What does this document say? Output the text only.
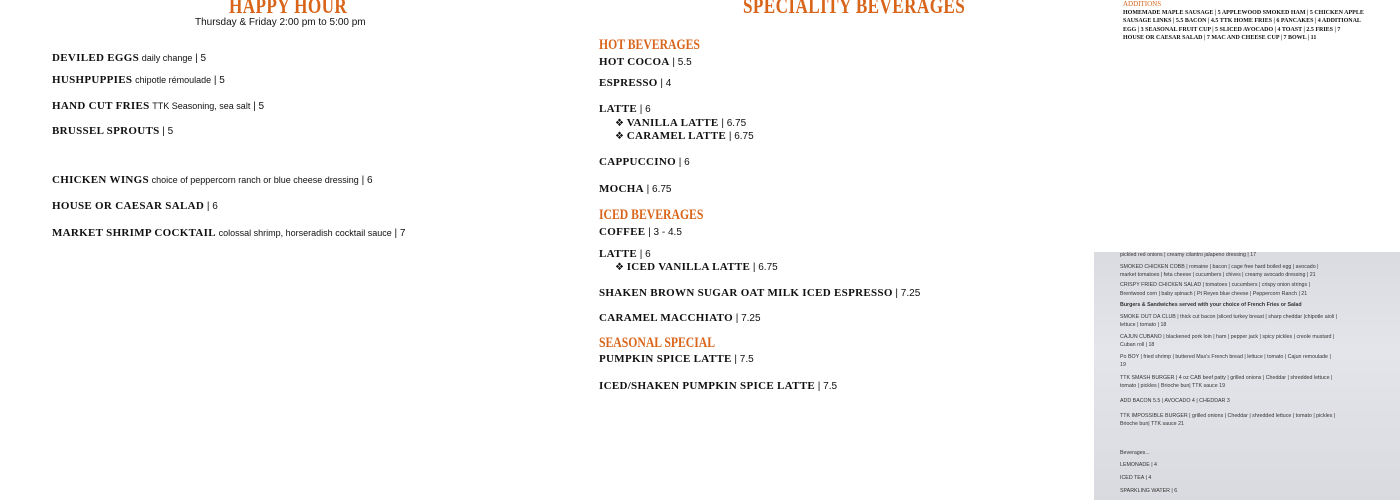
HAPPY HOUR
Thursday & Friday 2:00 pm to 5:00 pm
DEVILED EGGS daily change | 5
HUSHPUPPIES chipotle rémoulade | 5
HAND CUT FRIES TTK Seasoning, sea salt | 5
BRUSSEL SPROUTS | 5
CHICKEN WINGS choice of peppercorn ranch or blue cheese dressing | 6
HOUSE OR CAESAR SALAD | 6
MARKET SHRIMP COCKTAIL colossal shrimp, horseradish cocktail sauce | 7
SPECIALITY BEVERAGES
HOT BEVERAGES
HOT COCOA | 5.5
ESPRESSO | 4
LATTE | 6
❖ VANILLA LATTE | 6.75
❖ CARAMEL LATTE | 6.75
CAPPUCCINO | 6
MOCHA | 6.75
ICED BEVERAGES
COFFEE | 3 - 4.5
LATTE | 6
❖ ICED VANILLA LATTE | 6.75
SHAKEN BROWN SUGAR OAT MILK ICED ESPRESSO | 7.25
CARAMEL MACCHIATO | 7.25
SEASONAL SPECIAL
PUMPKIN SPICE LATTE | 7.5
ICED/SHAKEN PUMPKIN SPICE LATTE | 7.5
ADDITIONS
HOMEMADE MAPLE SAUSAGE | 5 APPLEWOOD SMOKED HAM | 5 CHICKEN APPLE
SAUSAGE LINKS | 5.5 BACON | 4.5 TTK HOME FRIES | 6 PANCAKES | 4 ADDITIONAL
EGG | 3 SEASONAL FRUIT CUP | 5 SLICED AVOCADO | 4 TOAST | 2.5 FRIES | 7
HOUSE OR CAESAR SALAD | 7 MAC AND CHEESE CUP | 7 BOWL | 11
pickled red onions | creamy cilantro jalapeno dressing | 17
SMOKED CHICKEN COBB | romaine | bacon | cage free hard boiled egg | avocado |
market tomatoes | feta cheese | cucumbers | chives | creamy avocado dressing | 21
CRISPY FRIED CHICKEN SALAD | tomatoes | cucumbers | crispy onion strings |
Brentwood corn | baby spinach | Pt Reyes blue cheese | Peppercorn Ranch | 21
Burgers & Sandwiches served with your choice of French Fries or Salad
SMOKE OUT DA CLUB | thick cut bacon |sliced turkey breast | sharp cheddar |chipotle aioli |
lettuce | tomato | 18
CAJUN CUBANO | blackened pork loin | ham | pepper jack | spicy pickles | creole mustard |
Cuban roll | 18
Po BOY | fried shrimp | buttered Max's French bread | lettuce | tomato | Cajun remoulade |
19
TTK SMASH BURGER | 4 oz CAB beef patty | grilled onions | Cheddar | shredded lettuce |
tomato | pickles | Brioche bun| TTK sauce 19
ADD BACON 5.5 | AVOCADO 4 | CHEDDAR 3
TTK IMPOSSIBLE BURGER | grilled onions | Cheddar | shredded lettuce | tomato | pickles |
Brioche bun| TTK sauce 21
Beverages...
LEMONADE | 4
ICED TEA | 4
SPARKLING WATER | 6
